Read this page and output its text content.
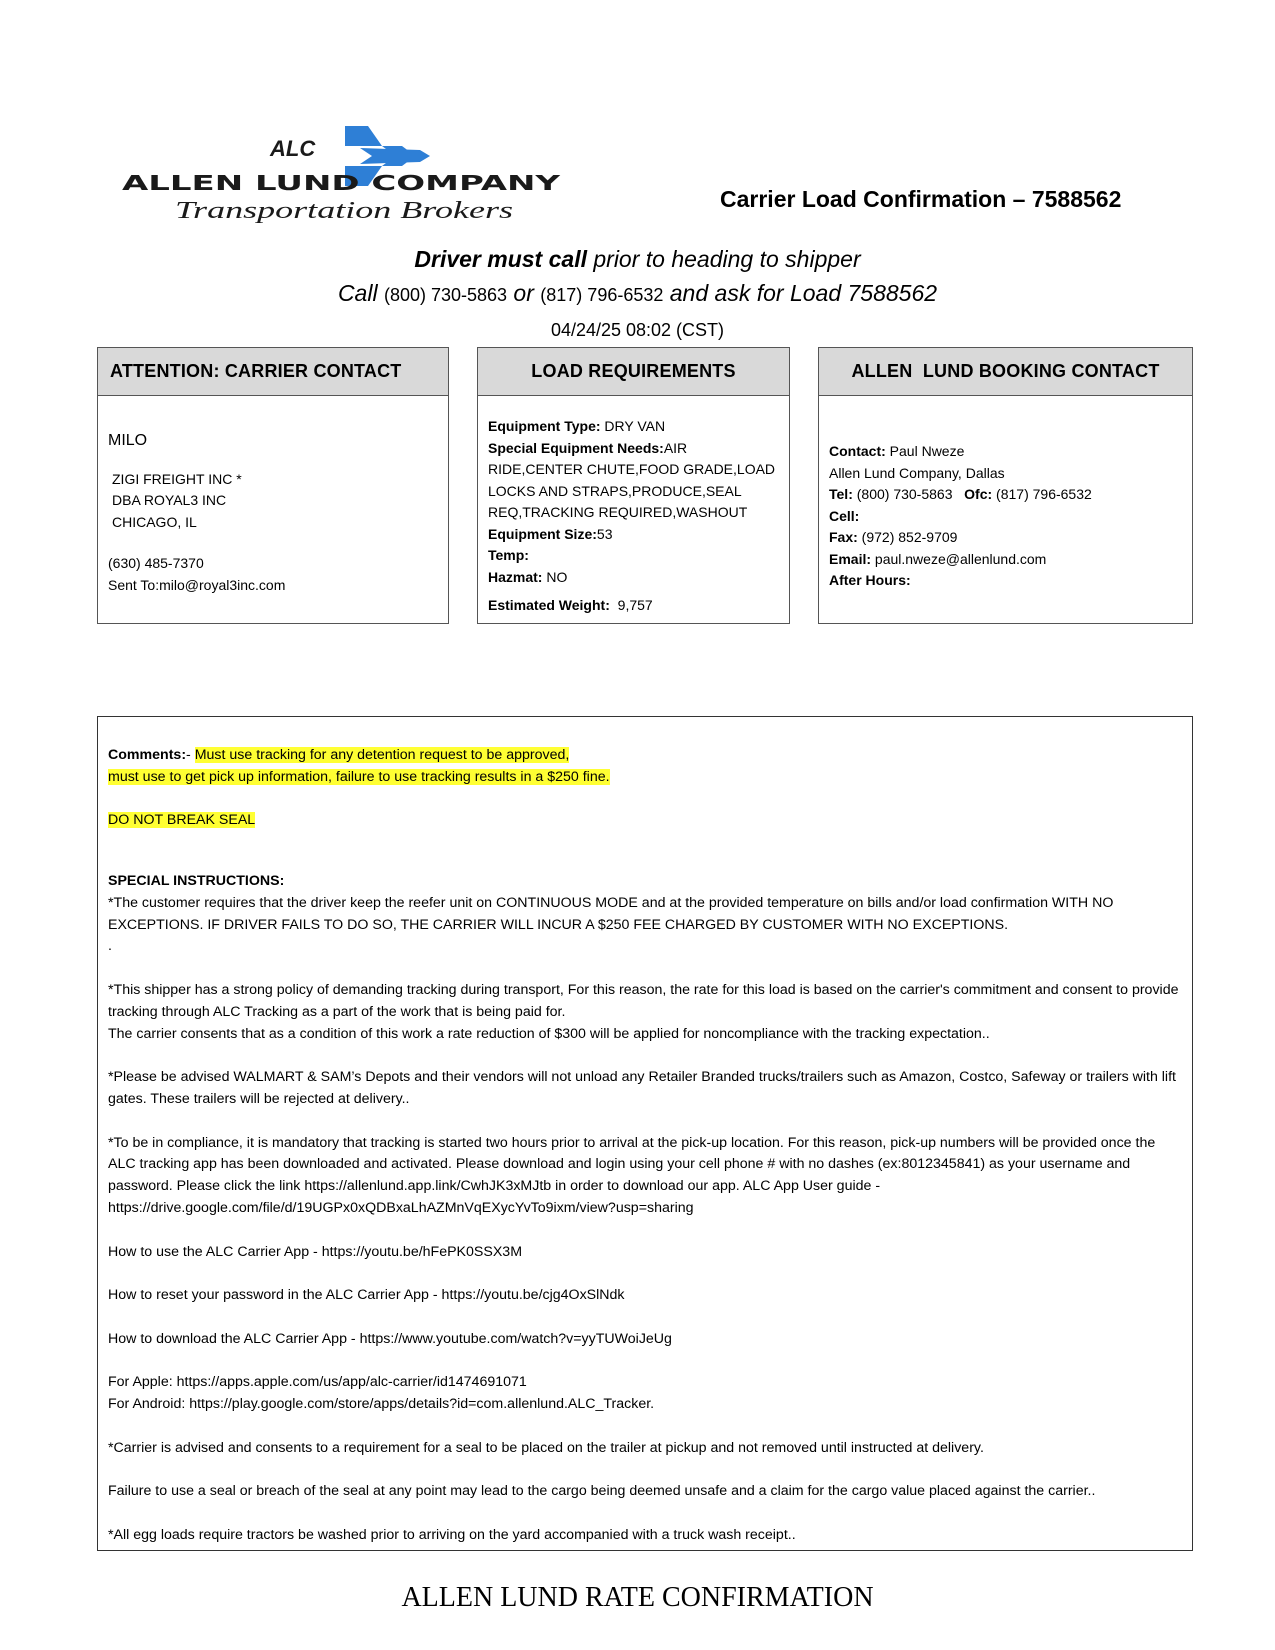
ALC
ALLEN LUND COMPANY
Transportation Brokers	Carrier Load Confirmation – 7588562
Driver must call prior to heading to shipper
Call (800) 730-5863 or (817) 796-6532 and ask for Load 7588562
04/24/25 08:02 (CST)
ATTENTION: CARRIER CONTACT
MILO
ZIGI FREIGHT INC *
DBA ROYAL3 INC
CHICAGO, IL
(630) 485-7370
Sent To:milo@royal3inc.com
LOAD REQUIREMENTS
Equipment Type: DRY VAN
Special Equipment Needs:AIR
RIDE,CENTER CHUTE,FOOD GRADE,LOAD
LOCKS AND STRAPS,PRODUCE,SEAL
REQ,TRACKING REQUIRED,WASHOUT
Equipment Size:53
Temp:
Hazmat: NO
Estimated Weight:  9,757
ALLEN  LUND BOOKING CONTACT
Contact: Paul Nweze
Allen Lund Company, Dallas
Tel: (800) 730-5863   Ofc: (817) 796-6532
Cell:
Fax: (972) 852-9709
Email: paul.nweze@allenlund.com
After Hours:
Comments:- Must use tracking for any detention request to be approved,
must use to get pick up information, failure to use tracking results in a $250 fine.
DO NOT BREAK SEAL
SPECIAL INSTRUCTIONS:
*The customer requires that the driver keep the reefer unit on CONTINUOUS MODE and at the provided temperature on bills and/or load confirmation WITH NO EXCEPTIONS. IF DRIVER FAILS TO DO SO, THE CARRIER WILL INCUR A $250 FEE CHARGED BY CUSTOMER WITH NO EXCEPTIONS.
.
*This shipper has a strong policy of demanding tracking during transport, For this reason, the rate for this load is based on the carrier's commitment and consent to provide tracking through ALC Tracking as a part of the work that is being paid for.
The carrier consents that as a condition of this work a rate reduction of $300 will be applied for noncompliance with the tracking expectation..
*Please be advised WALMART & SAM’s Depots and their vendors will not unload any Retailer Branded trucks/trailers such as Amazon, Costco, Safeway or trailers with lift gates. These trailers will be rejected at delivery..
*To be in compliance, it is mandatory that tracking is started two hours prior to arrival at the pick-up location. For this reason, pick-up numbers will be provided once the ALC tracking app has been downloaded and activated. Please download and login using your cell phone # with no dashes (ex:8012345841) as your username and password. Please click the link https://allenlund.app.link/CwhJK3xMJtb in order to download our app. ALC App User guide - https://drive.google.com/file/d/19UGPx0xQDBxaLhAZMnVqEXycYvTo9ixm/view?usp=sharing
How to use the ALC Carrier App - https://youtu.be/hFePK0SSX3M
How to reset your password in the ALC Carrier App - https://youtu.be/cjg4OxSlNdk
How to download the ALC Carrier App - https://www.youtube.com/watch?v=yyTUWoiJeUg
For Apple: https://apps.apple.com/us/app/alc-carrier/id1474691071
For Android: https://play.google.com/store/apps/details?id=com.allenlund.ALC_Tracker.
*Carrier is advised and consents to a requirement for a seal to be placed on the trailer at pickup and not removed until instructed at delivery.
Failure to use a seal or breach of the seal at any point may lead to the cargo being deemed unsafe and a claim for the cargo value placed against the carrier..
*All egg loads require tractors be washed prior to arriving on the yard accompanied with a truck wash receipt..
ALLEN LUND RATE CONFIRMATION
